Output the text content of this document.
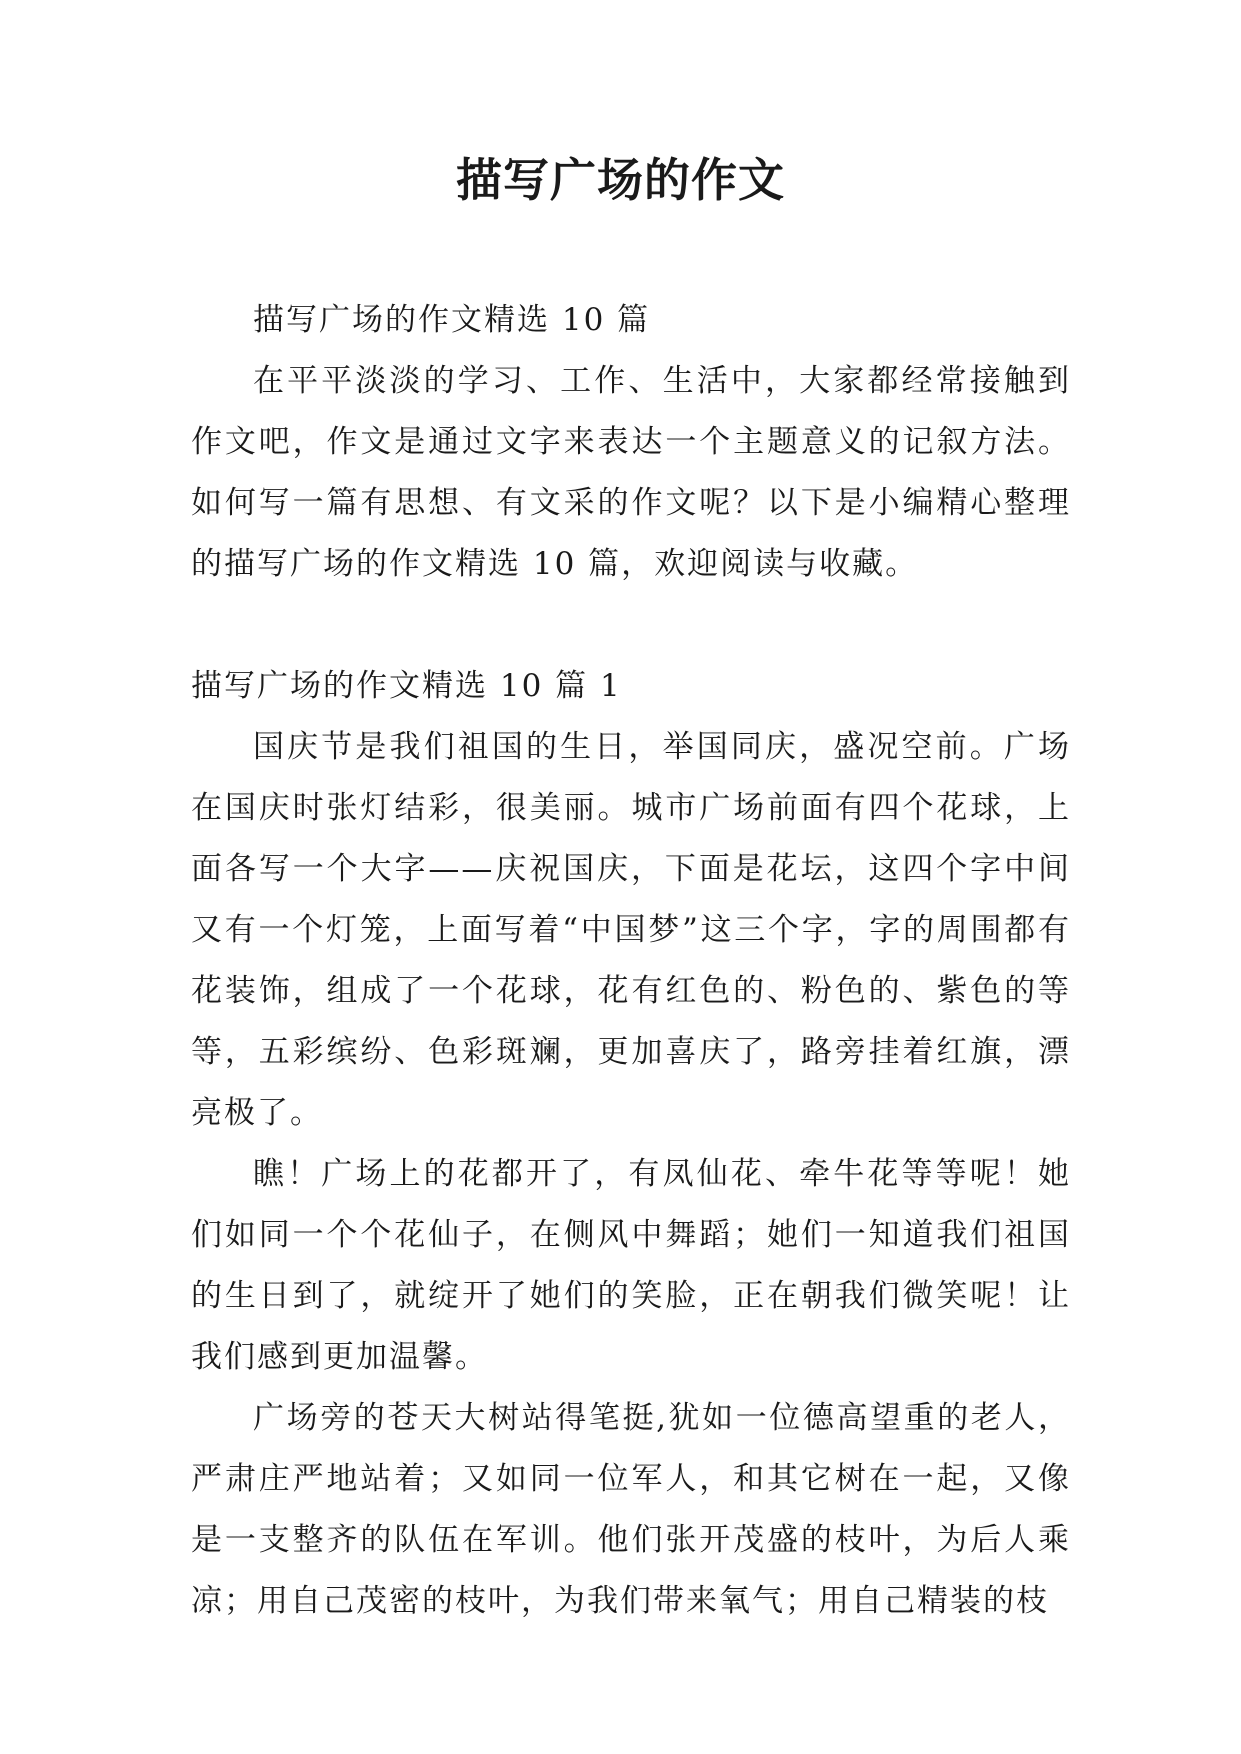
描写广场的作文

描写广场的作文精选 10 篇

在平平淡淡的学习、工作、生活中，大家都经常接触到作文吧，作文是通过文字来表达一个主题意义的记叙方法。如何写一篇有思想、有文采的作文呢？以下是小编精心整理的描写广场的作文精选 10 篇，欢迎阅读与收藏。

描写广场的作文精选 10 篇 1

国庆节是我们祖国的生日，举国同庆，盛况空前。广场在国庆时张灯结彩，很美丽。城市广场前面有四个花球，上面各写一个大字——庆祝国庆，下面是花坛，这四个字中间又有一个灯笼，上面写着“中国梦”这三个字，字的周围都有花装饰，组成了一个花球，花有红色的、粉色的、紫色的等等，五彩缤纷、色彩斑斓，更加喜庆了，路旁挂着红旗，漂亮极了。

瞧！广场上的花都开了，有凤仙花、牵牛花等等呢！她们如同一个个花仙子，在侧风中舞蹈；她们一知道我们祖国的生日到了，就绽开了她们的笑脸，正在朝我们微笑呢！让我们感到更加温馨。

广场旁的苍天大树站得笔挺,犹如一位德高望重的老人，严肃庄严地站着；又如同一位军人，和其它树在一起，又像是一支整齐的队伍在军训。他们张开茂盛的枝叶，为后人乘凉；用自己茂密的枝叶，为我们带来氧气；用自己精装的枝
